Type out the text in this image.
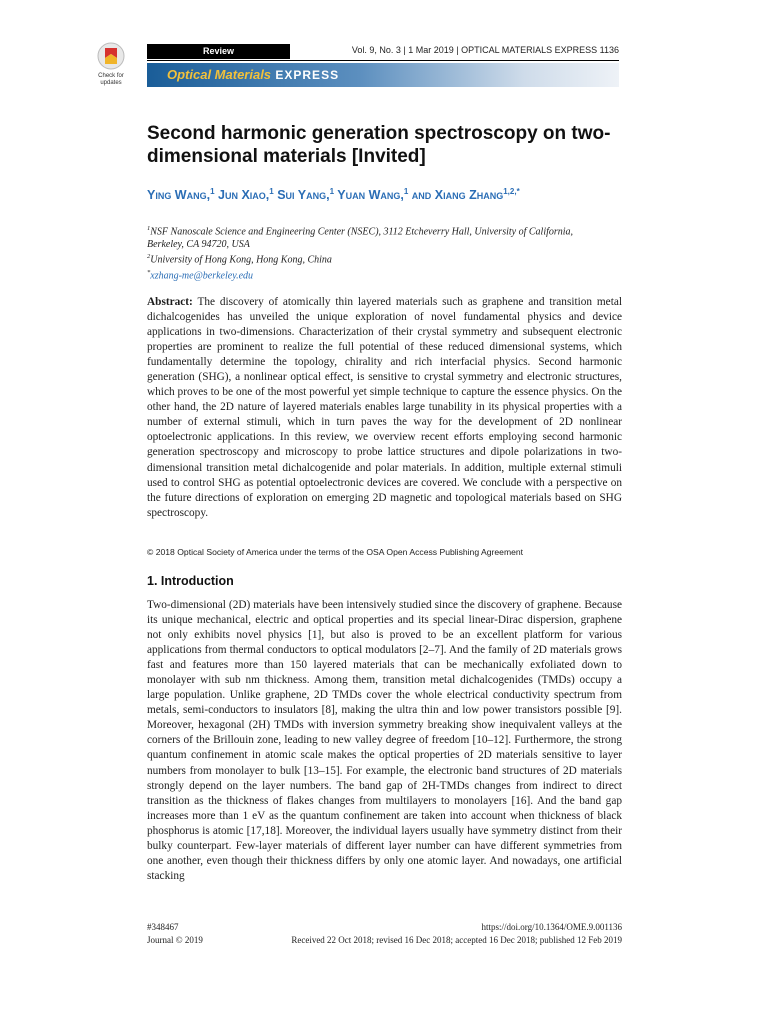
Check for
updates
Review	Vol. 9, No. 3 | 1 Mar 2019 | OPTICAL MATERIALS EXPRESS 1136
Optical Materials EXPRESS
Second harmonic generation spectroscopy on two-dimensional materials [Invited]
Ying Wang,$^1$ Jun Xiao,$^1$ Sui Yang,$^1$ Yuan Wang,$^1$ and Xiang Zhang$^{1,2,*}$
$^1$NSF Nanoscale Science and Engineering Center (NSEC), 3112 Etcheverry Hall, University of California, Berkeley, CA 94720, USA
$^2$University of Hong Kong, Hong Kong, China
*xzhang-me@berkeley.edu

Abstract: The discovery of atomically thin layered materials such as graphene and transition metal dichalcogenides has unveiled the unique exploration of novel fundamental physics and device applications in two-dimensions. Characterization of their crystal symmetry and subsequent electronic properties are prominent to realize the full potential of these reduced dimensional systems, which fundamentally determine the topology, chirality and rich interfacial physics. Second harmonic generation (SHG), a nonlinear optical effect, is sensitive to crystal symmetry and electronic structures, which proves to be one of the most powerful yet simple technique to capture the essence physics. On the other hand, the 2D nature of layered materials enables large tunability in its physical properties with a number of external stimuli, which in turn paves the way for the development of 2D nonlinear optoelectronic applications. In this review, we overview recent efforts employing second harmonic generation spectroscopy and microscopy to probe lattice structures and dipole polarizations in two-dimensional transition metal dichalcogenide and polar materials. In addition, multiple external stimuli used to control SHG as potential optoelectronic devices are covered. We conclude with a perspective on the future directions of exploration on emerging 2D magnetic and topological materials based on SHG spectroscopy.

© 2018 Optical Society of America under the terms of the OSA Open Access Publishing Agreement
1. Introduction

Two-dimensional (2D) materials have been intensively studied since the discovery of graphene. Because its unique mechanical, electric and optical properties and its special linear-Dirac dispersion, graphene not only exhibits novel physics [1], but also is proved to be an excellent platform for various applications from thermal conductors to optical modulators [2–7]. And the family of 2D materials grows fast and features more than 150 layered materials that can be mechanically exfoliated down to monolayer with sub nm thickness. Among them, transition metal dichalcogenides (TMDs) occupy a large population. Unlike graphene, 2D TMDs cover the whole electrical conductivity spectrum from metals, semi-conductors to insulators [8], making the ultra thin and low power transistors possible [9]. Moreover, hexagonal (2H) TMDs with inversion symmetry breaking show inequivalent valleys at the corners of the Brillouin zone, leading to new valley degree of freedom [10–12]. Furthermore, the strong quantum confinement in atomic scale makes the optical properties of 2D materials sensitive to layer numbers from monolayer to bulk [13–15]. For example, the electronic band structures of 2D materials strongly depend on the layer numbers. The band gap of 2H-TMDs changes from indirect to direct transition as the thickness of flakes changes from multilayers to monolayers [16]. And the band gap increases more than 1 eV as the quantum confinement are taken into account when thickness of black phosphorus is atomic [17,18]. Moreover, the individual layers usually have symmetry distinct from their bulky counterpart. Few-layer materials of different layer number can have different symmetries from one another, even though their thickness differs by only one atomic layer. And nowadays, one artificial stacking

#348467	https://doi.org/10.1364/OME.9.001136
Journal © 2019	Received 22 Oct 2018; revised 16 Dec 2018; accepted 16 Dec 2018; published 12 Feb 2019
